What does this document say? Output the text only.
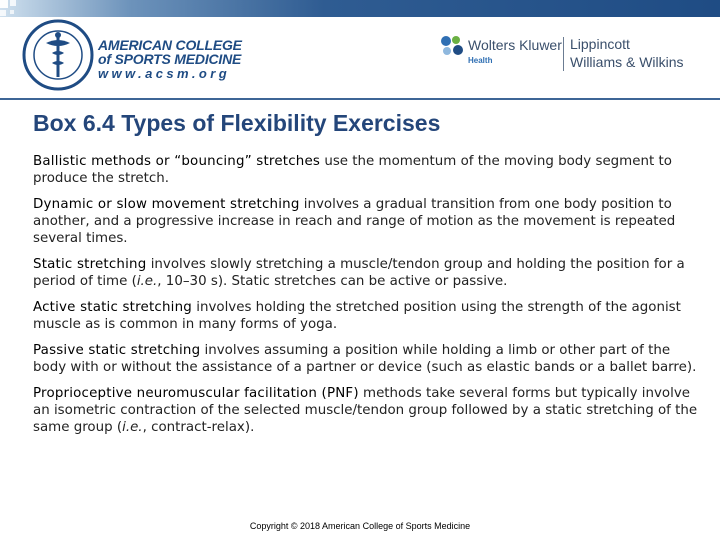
AMERICAN COLLEGE
of SPORTS MEDICINE
www.acsm.org
Wolters Kluwer
Health
Lippincott
Williams & Wilkins
Box 6.4 Types of Flexibility Exercises

Ballistic methods or “bouncing” stretches use the momentum of the moving body segment to produce the stretch.

Dynamic or slow movement stretching involves a gradual transition from one body position to another, and a progressive increase in reach and range of motion as the movement is repeated several times.

Static stretching involves slowly stretching a muscle/tendon group and holding the position for a period of time (i.e., 10–30 s). Static stretches can be active or passive.

Active static stretching involves holding the stretched position using the strength of the agonist muscle as is common in many forms of yoga.

Passive static stretching involves assuming a position while holding a limb or other part of the body with or without the assistance of a partner or device (such as elastic bands or a ballet barre).

Proprioceptive neuromuscular facilitation (PNF) methods take several forms but typically involve an isometric contraction of the selected muscle/tendon group followed by a static stretching of the same group (i.e., contract-relax).

Copyright © 2018 American College of Sports Medicine
